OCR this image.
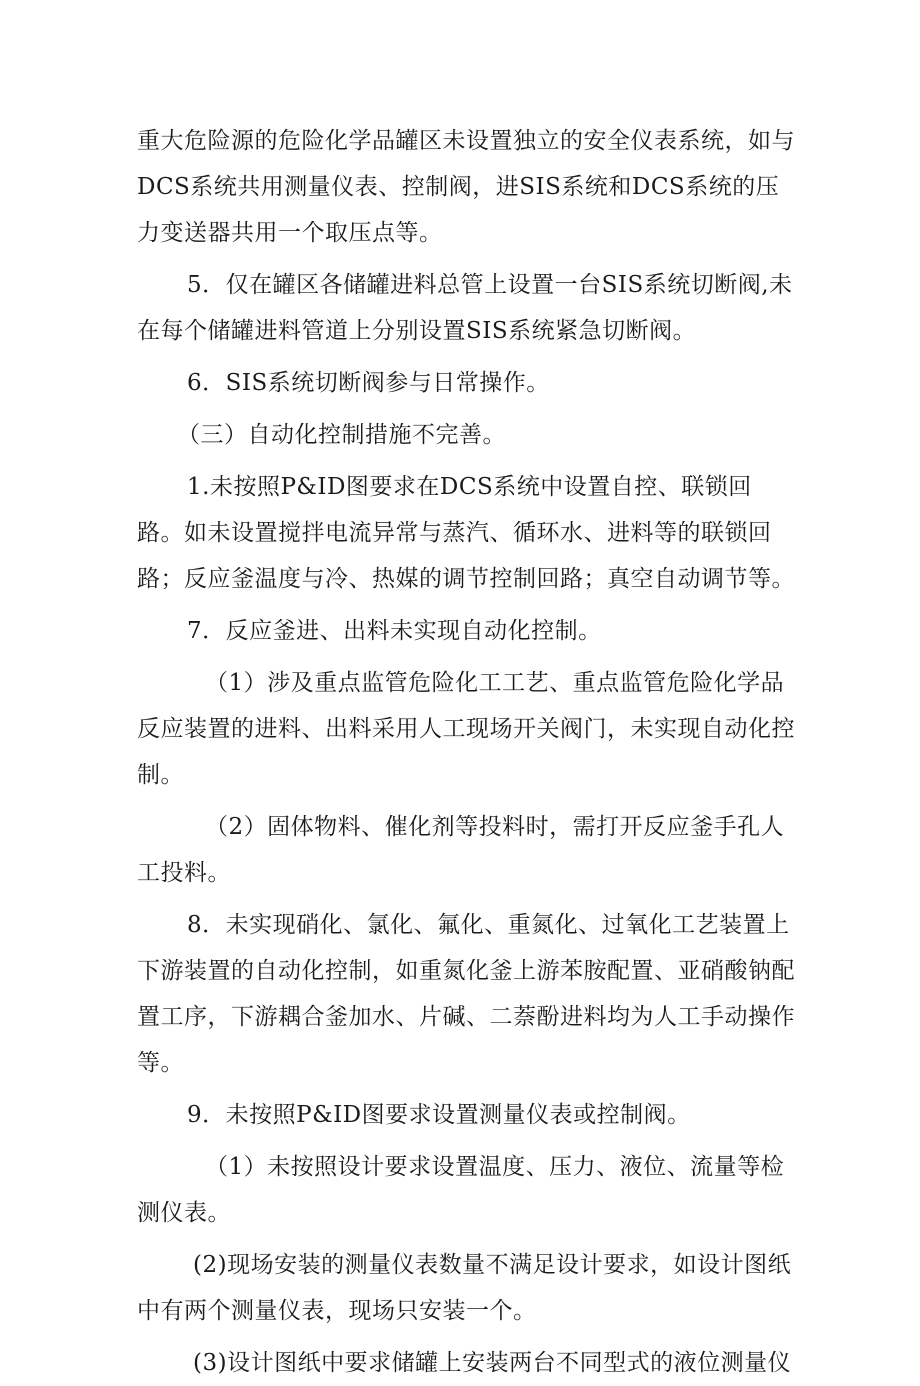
重大危险源的危险化学品罐区未设置独立的安全仪表系统，如与DCS系统共用测量仪表、控制阀，进SIS系统和DCS系统的压力变送器共用一个取压点等。

5．仅在罐区各储罐进料总管上设置一台SIS系统切断阀,未在每个储罐进料管道上分别设置SIS系统紧急切断阀。

6．SIS系统切断阀参与日常操作。

（三）自动化控制措施不完善。

1.未按照P&ID图要求在DCS系统中设置自控、联锁回路。如未设置搅拌电流异常与蒸汽、循环水、进料等的联锁回路；反应釜温度与冷、热媒的调节控制回路；真空自动调节等。

7．反应釜进、出料未实现自动化控制。

（1）涉及重点监管危险化工工艺、重点监管危险化学品反应装置的进料、出料采用人工现场开关阀门，未实现自动化控制。

（2）固体物料、催化剂等投料时，需打开反应釜手孔人工投料。

8．未实现硝化、氯化、氟化、重氮化、过氧化工艺装置上下游装置的自动化控制，如重氮化釜上游苯胺配置、亚硝酸钠配置工序，下游耦合釜加水、片碱、二萘酚进料均为人工手动操作等。

9．未按照P&ID图要求设置测量仪表或控制阀。

（1）未按照设计要求设置温度、压力、液位、流量等检测仪表。

(2)现场安装的测量仪表数量不满足设计要求，如设计图纸中有两个测量仪表，现场只安装一个。

(3)设计图纸中要求储罐上安装两台不同型式的液位测量仪
